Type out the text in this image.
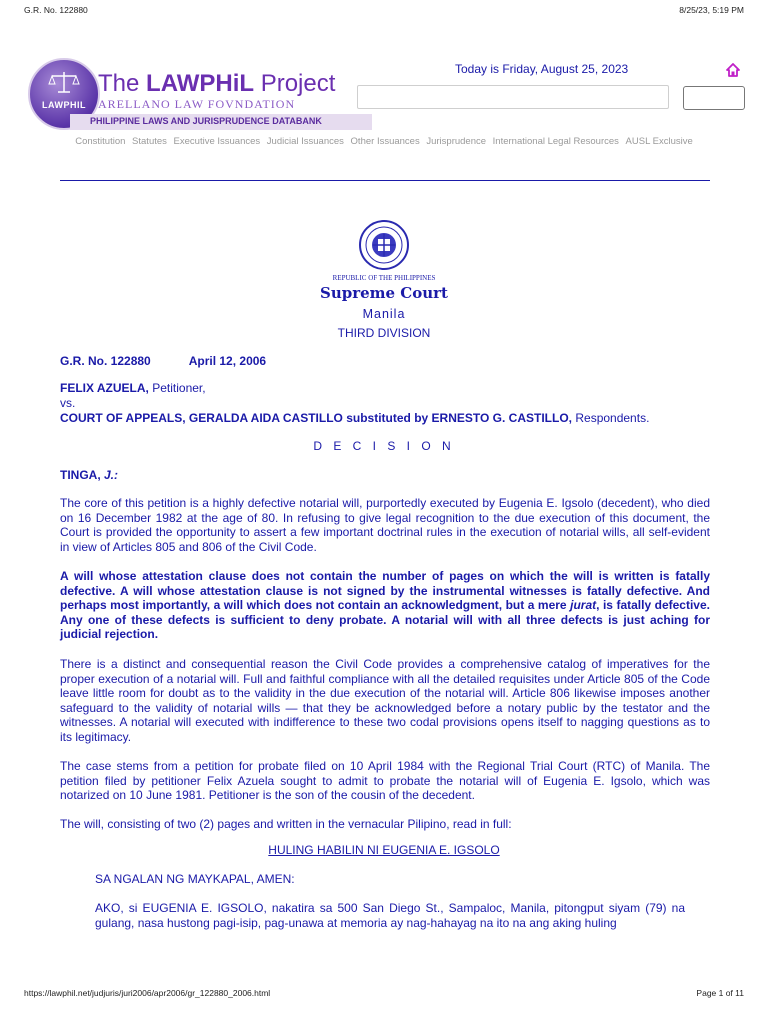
G.R. No. 122880	8/25/23, 5:19 PM
LAWPHIL
The LAWPHiL Project
ARELLANO LAW FOVNDATION
PHILIPPINE LAWS AND JURISPRUDENCE DATABANK
Today is Friday, August 25, 2023
Constitution Statutes Executive Issuances Judicial Issuances Other Issuances Jurisprudence International Legal Resources AUSL Exclusive
REPUBLIC OF THE PHILIPPINES
Supreme Court
Manila
THIRD DIVISION
G.R. No. 122880	April 12, 2006
FELIX AZUELA, Petitioner,
vs.
COURT OF APPEALS, GERALDA AIDA CASTILLO substituted by ERNESTO G. CASTILLO, Respondents.
D E C I S I O N
TINGA, J.:
The core of this petition is a highly defective notarial will, purportedly executed by Eugenia E. Igsolo (decedent), who died on 16 December 1982 at the age of 80. In refusing to give legal recognition to the due execution of this document, the Court is provided the opportunity to assert a few important doctrinal rules in the execution of notarial wills, all self-evident in view of Articles 805 and 806 of the Civil Code.
A will whose attestation clause does not contain the number of pages on which the will is written is fatally defective. A will whose attestation clause is not signed by the instrumental witnesses is fatally defective. And perhaps most importantly, a will which does not contain an acknowledgment, but a mere jurat, is fatally defective. Any one of these defects is sufficient to deny probate. A notarial will with all three defects is just aching for judicial rejection.
There is a distinct and consequential reason the Civil Code provides a comprehensive catalog of imperatives for the proper execution of a notarial will. Full and faithful compliance with all the detailed requisites under Article 805 of the Code leave little room for doubt as to the validity in the due execution of the notarial will. Article 806 likewise imposes another safeguard to the validity of notarial wills — that they be acknowledged before a notary public by the testator and the witnesses. A notarial will executed with indifference to these two codal provisions opens itself to nagging questions as to its legitimacy.
The case stems from a petition for probate filed on 10 April 1984 with the Regional Trial Court (RTC) of Manila. The petition filed by petitioner Felix Azuela sought to admit to probate the notarial will of Eugenia E. Igsolo, which was notarized on 10 June 1981. Petitioner is the son of the cousin of the decedent.
The will, consisting of two (2) pages and written in the vernacular Pilipino, read in full:
HULING HABILIN NI EUGENIA E. IGSOLO
SA NGALAN NG MAYKAPAL, AMEN:
AKO, si EUGENIA E. IGSOLO, nakatira sa 500 San Diego St., Sampaloc, Manila, pitongput siyam (79) na gulang, nasa hustong pagi-isip, pag-unawa at memoria ay nag-hahayag na ito na ang aking huling
https://lawphil.net/judjuris/juri2006/apr2006/gr_122880_2006.html	Page 1 of 11
